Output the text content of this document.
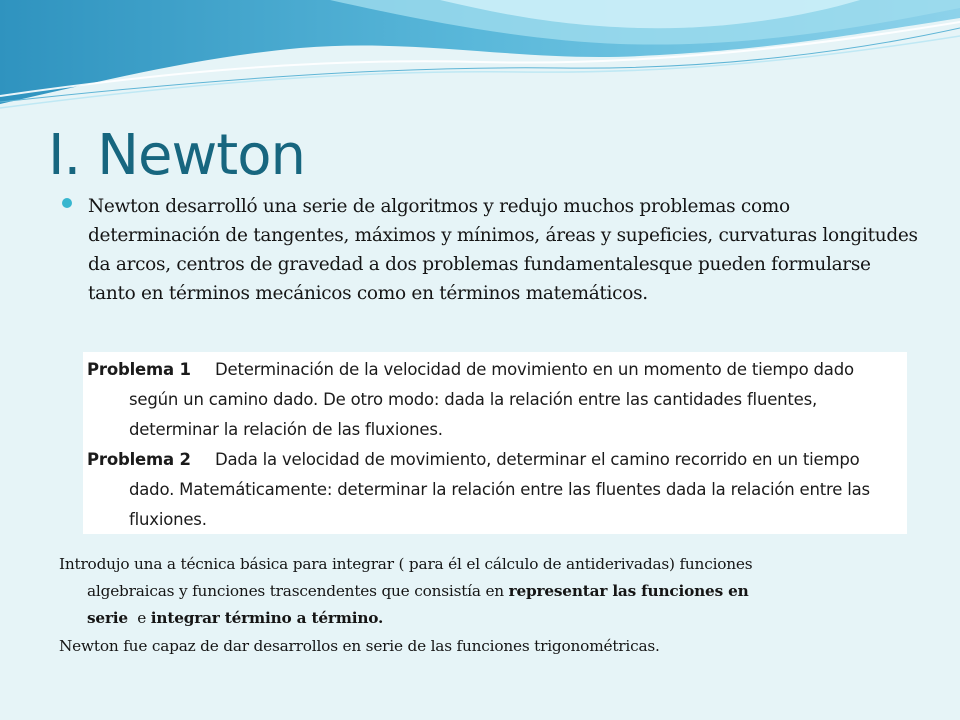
I. Newton

Newton desarrolló una serie de algoritmos y redujo muchos problemas como determinación de tangentes, máximos y mínimos, áreas y supeficies, curvaturas longitudes da arcos, centros de gravedad a dos problemas fundamentalesque pueden formularse tanto en términos mecánicos como en términos matemáticos.

Problema 1 Determinación de la velocidad de movimiento en un momento de tiempo dado
según un camino dado. De otro modo: dada la relación entre las cantidades fluentes,
determinar la relación de las fluxiones.
Problema 2 Dada la velocidad de movimiento, determinar el camino recorrido en un tiempo
dado. Matemáticamente: determinar la relación entre las fluentes dada la relación entre las
fluxiones.

Introdujo una a técnica básica para integrar ( para él el cálculo de antiderivadas) funciones
algebraicas y funciones trascendentes que consistía en representar las funciones en
serie  e integrar término a término.

Newton fue capaz de dar desarrollos en serie de las funciones trigonométricas.
